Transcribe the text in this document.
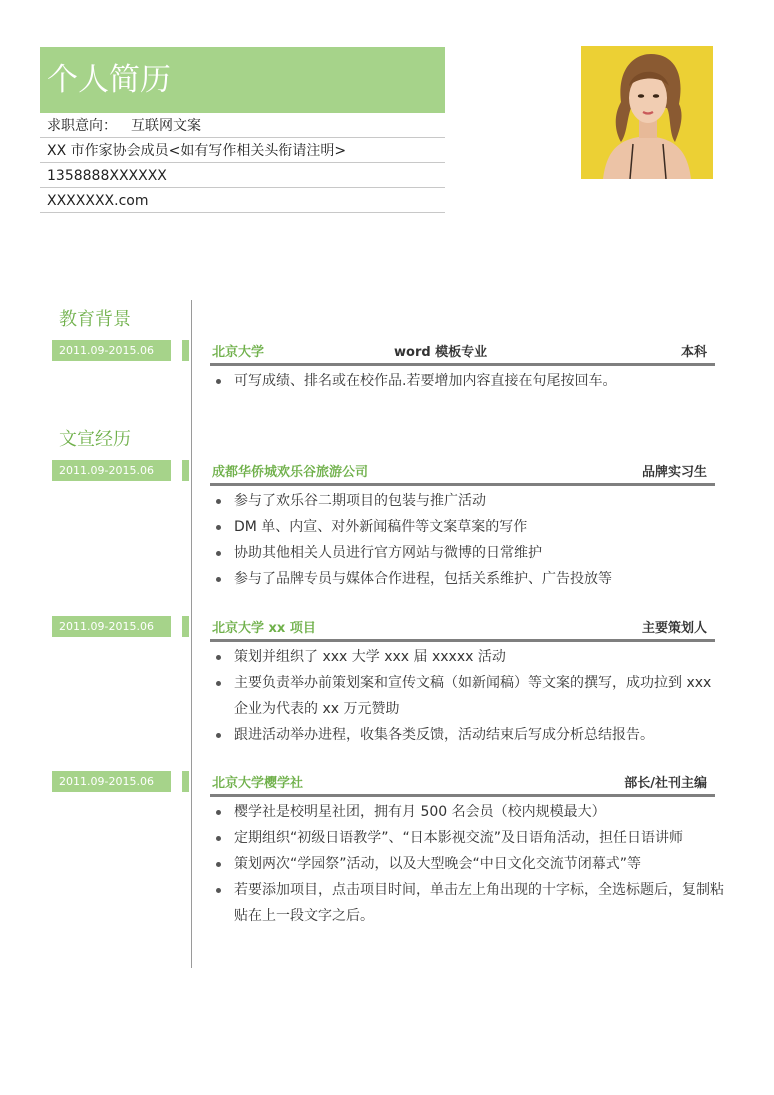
个人简历
求职意向： 互联网文案
XX 市作家协会成员<如有写作相关头衔请注明>
1358888XXXXXX
XXXXXXX.com
教育背景
2011.09-2015.06	北京大学	word 模板专业	本科
可写成绩、排名或在校作品.若要增加内容直接在句尾按回车。
文宣经历
2011.09-2015.06	成都华侨城欢乐谷旅游公司	品牌实习生
参与了欢乐谷二期项目的包装与推广活动
DM 单、内宣、对外新闻稿件等文案草案的写作
协助其他相关人员进行官方网站与微博的日常维护
参与了品牌专员与媒体合作进程，包括关系维护、广告投放等
2011.09-2015.06	北京大学 xx 项目	主要策划人
策划并组织了 xxx 大学 xxx 届 xxxxx 活动
主要负责举办前策划案和宣传文稿（如新闻稿）等文案的撰写，成功拉到 xxx 企业为代表的 xx 万元赞助
跟进活动举办进程，收集各类反馈，活动结束后写成分析总结报告。
2011.09-2015.06	北京大学樱学社	部长/社刊主编
樱学社是校明星社团，拥有月 500 名会员（校内规模最大）
定期组织“初级日语教学”、“日本影视交流”及日语角活动，担任日语讲师
策划两次“学园祭”活动，以及大型晚会“中日文化交流节闭幕式”等
若要添加项目，点击项目时间，单击左上角出现的十字标，全选标题后，复制粘贴在上一段文字之后。
